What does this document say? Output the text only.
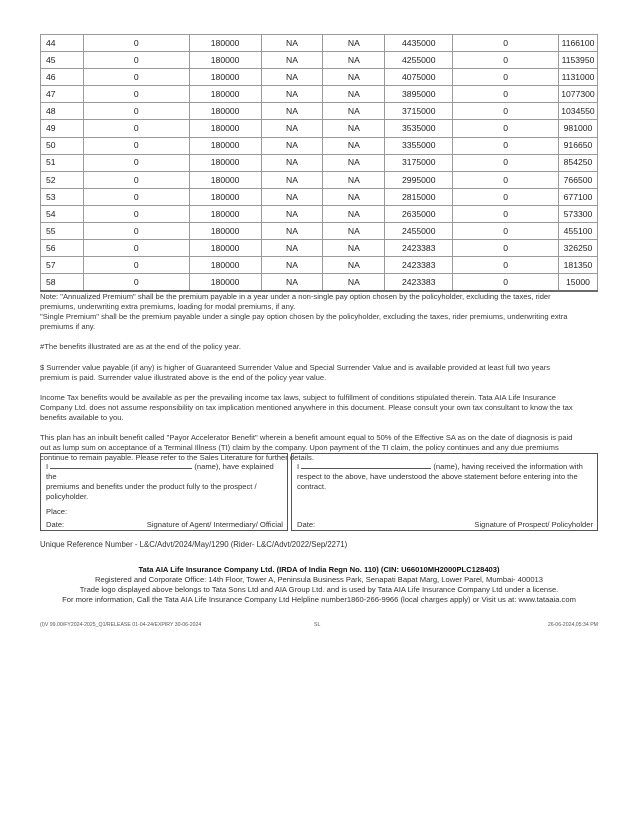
44	0	180000	NA	NA	4435000	0	1166100
45	0	180000	NA	NA	4255000	0	1153950
46	0	180000	NA	NA	4075000	0	1131000
47	0	180000	NA	NA	3895000	0	1077300
48	0	180000	NA	NA	3715000	0	1034550
49	0	180000	NA	NA	3535000	0	981000
50	0	180000	NA	NA	3355000	0	916650
51	0	180000	NA	NA	3175000	0	854250
52	0	180000	NA	NA	2995000	0	766500
53	0	180000	NA	NA	2815000	0	677100
54	0	180000	NA	NA	2635000	0	573300
55	0	180000	NA	NA	2455000	0	455100
56	0	180000	NA	NA	2423383	0	326250
57	0	180000	NA	NA	2423383	0	181350
58	0	180000	NA	NA	2423383	0	15000

Note: "Annualized Premium" shall be the premium payable in a year under a non-single pay option chosen by the policyholder, excluding the taxes, rider
premiums, underwriting extra premiums, loading for modal premiums, if any.
"Single Premium" shall be the premium payable under a single pay option chosen by the policyholder, excluding the taxes, rider premiums, underwriting extra
premiums if any.

#The benefits illustrated are as at the end of the policy year.

$ Surrender value payable (if any) is higher of Guaranteed Surrender Value and Special Surrender Value and is available provided at least full two years
premium is paid. Surrender value illustrated above is the end of the policy year value.

Income Tax benefits would be available as per the prevailing income tax laws, subject to fulfillment of conditions stipulated therein. Tata AIA Life Insurance
Company Ltd. does not assume responsibility on tax implication mentioned anywhere in this document. Please consult your own tax consultant to know the tax
benefits available to you.

This plan has an inbuilt benefit called "Payor Accelerator Benefit" wherein a benefit amount equal to 50% of the Effective SA as on the date of diagnosis is paid
out as lump sum on acceptance of a Terminal Illness (TI) claim by the company. Upon payment of the TI claim, the policy continues and any due premiums
continue to remain payable. Please refer to the Sales Literature for further details.

I	(name), have explained the
premiums and benefits under the product fully to the prospect /
policyholder.
Place:
Date:	Signature of Agent/ Intermediary/ Official
I	(name), having received the information with
respect to the above, have understood the above statement before entering into the
contract.
Date:	Signature of Prospect/ Policyholder
Unique Reference Number - L&C/Advt/2024/May/1290 (Rider- L&C/Advt/2022/Sep/2271)
Tata AIA Life Insurance Company Ltd. (IRDA of India Regn No. 110) (CIN: U66010MH2000PLC128403)
Registered and Corporate Office: 14th Floor, Tower A, Peninsula Business Park, Senapati Bapat Marg, Lower Parel, Mumbai- 400013
Trade logo displayed above belongs to Tata Sons Ltd and AIA Group Ltd. and is used by Tata AIA Life Insurance Company Ltd under a license.
For more information, Call the Tata AIA Life Insurance Company Ltd Helpline number1860-266-9966 (local charges apply) or Visit us at: www.tataaia.com
(I)V 99.00/FY2024-2025_Q1/RELEASE 01-04-24/EXPIRY 30-06-2024	SL	26-06-2024,05:34 PM
